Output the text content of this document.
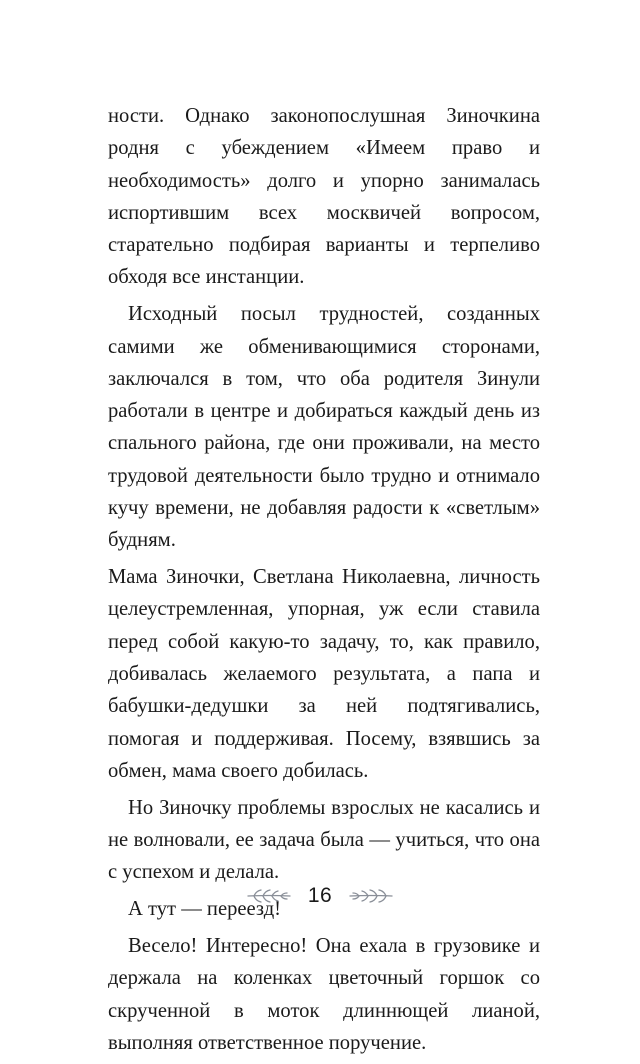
ности. Однако законопослушная Зиночкина родня с убеждением «Имеем право и необходимость» долго и упорно занималась испортившим всех москвичей вопросом, старательно подбирая варианты и терпеливо обходя все инстанции.

Исходный посыл трудностей, созданных самими же обменивающимися сторонами, заключался в том, что оба родителя Зинули работали в центре и добираться каждый день из спального района, где они проживали, на место трудовой деятельности было трудно и отнимало кучу времени, не добавляя радости к «светлым» будням.

Мама Зиночки, Светлана Николаевна, личность целеустремленная, упорная, уж если ставила перед собой какую-то задачу, то, как правило, добивалась желаемого результата, а папа и бабушки-дедушки за ней подтягивались, помогая и поддерживая. Посему, взявшись за обмен, мама своего добилась.

Но Зиночку проблемы взрослых не касались и не волновали, ее задача была — учиться, что она с успехом и делала.

А тут — переезд!

Весело! Интересно! Она ехала в грузовике и держала на коленках цветочный горшок со скрученной в моток длиннющей лианой, выполняя ответственное поручение.

16
